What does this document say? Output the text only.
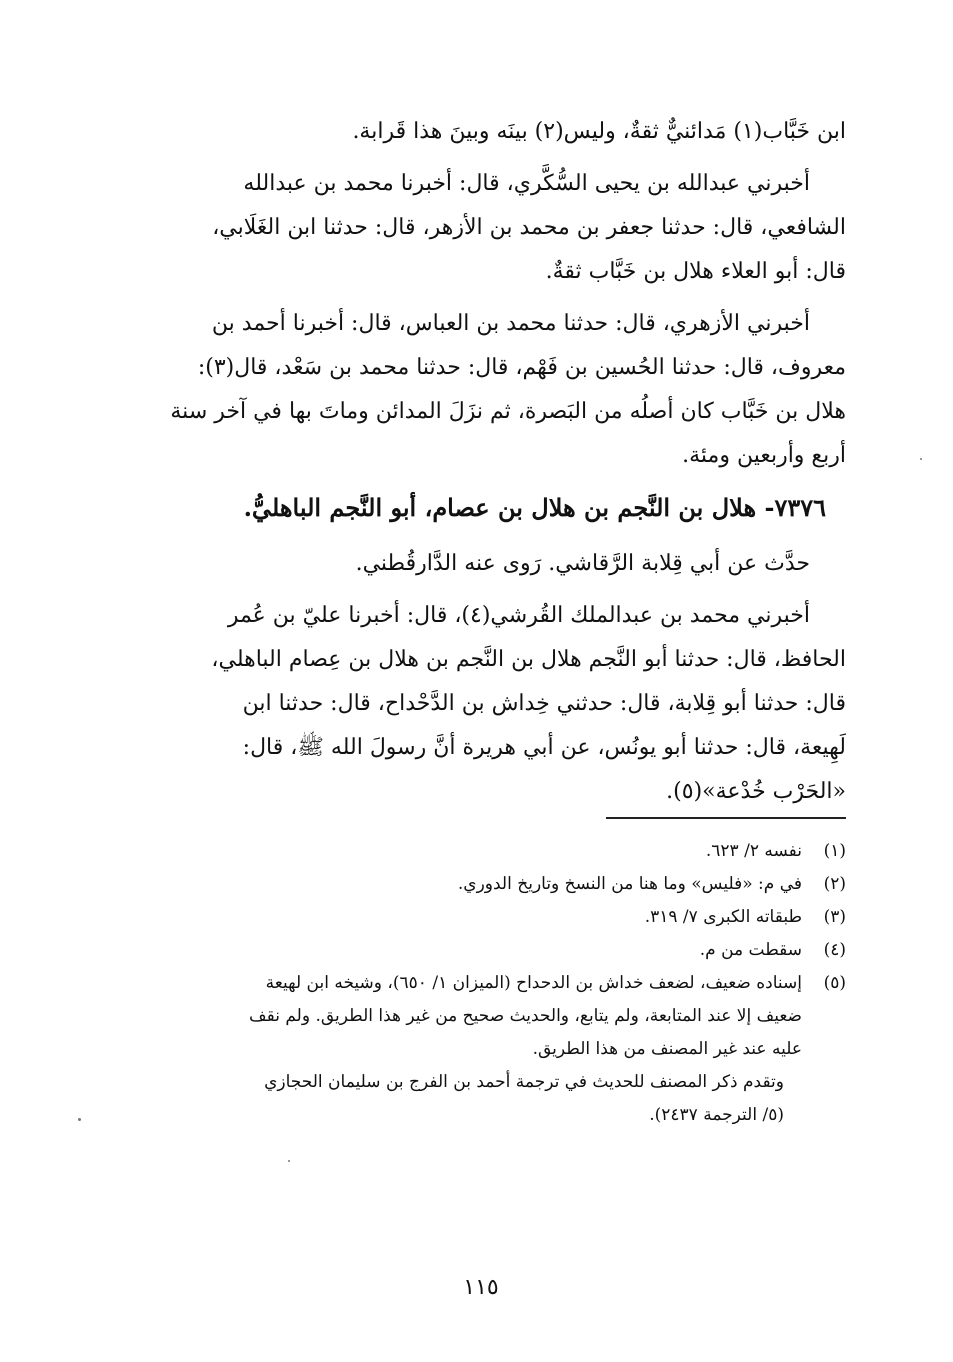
ابن خَبَّاب(١) مَدائنيٌّ ثقةٌ، وليس(٢) بينَه وبينَ هذا قَرابة.
أخبرني عبدالله بن يحيى السُّكَّري، قال: أخبرنا محمد بن عبدالله
الشافعي، قال: حدثنا جعفر بن محمد بن الأزهر، قال: حدثنا ابن الغَلَابي،
قال: أبو العلاء هلال بن خَبَّاب ثقةٌ.
أخبرني الأزهري، قال: حدثنا محمد بن العباس، قال: أخبرنا أحمد بن
معروف، قال: حدثنا الحُسين بن فَهْم، قال: حدثنا محمد بن سَعْد، قال(٣):
هلال بن خَبَّاب كان أصلُه من البَصرة، ثم نزَلَ المدائن وماتَ بها في آخر سنة
أربع وأربعين ومئة.
٧٣٧٦- هلال بن النَّجم بن هلال بن عصام، أبو النَّجم الباهليُّ.
حدَّث عن أبي قِلابة الرَّقاشي. رَوى عنه الدَّارقُطني.
أخبرني محمد بن عبدالملك القُرشي(٤)، قال: أخبرنا عليّ بن عُمر
الحافظ، قال: حدثنا أبو النَّجم هلال بن النَّجم بن هلال بن عِصام الباهلي،
قال: حدثنا أبو قِلابة، قال: حدثني خِداش بن الدَّحْداح، قال: حدثنا ابن
لَهِيعة، قال: حدثنا أبو يونُس، عن أبي هريرة أنَّ رسولَ الله ﷺ، قال:
«الحَرْب خُدْعة»(٥).
(١)
نفسه ٢/ ٦٢٣.
(٢)
في م: «فليس» وما هنا من النسخ وتاريخ الدوري.
(٣)
طبقاته الكبرى ٧/ ٣١٩.
(٤)
سقطت من م.
(٥)
إسناده ضعيف، لضعف خداش بن الدحداح (الميزان ١/ ٦٥٠)، وشيخه ابن لهيعة
ضعيف إلا عند المتابعة، ولم يتابع، والحديث صحيح من غير هذا الطريق. ولم نقف
عليه عند غير المصنف من هذا الطريق.
وتقدم ذكر المصنف للحديث في ترجمة أحمد بن الفرج بن سليمان الحجازي
(٥/ الترجمة ٢٤٣٧).
١١٥
